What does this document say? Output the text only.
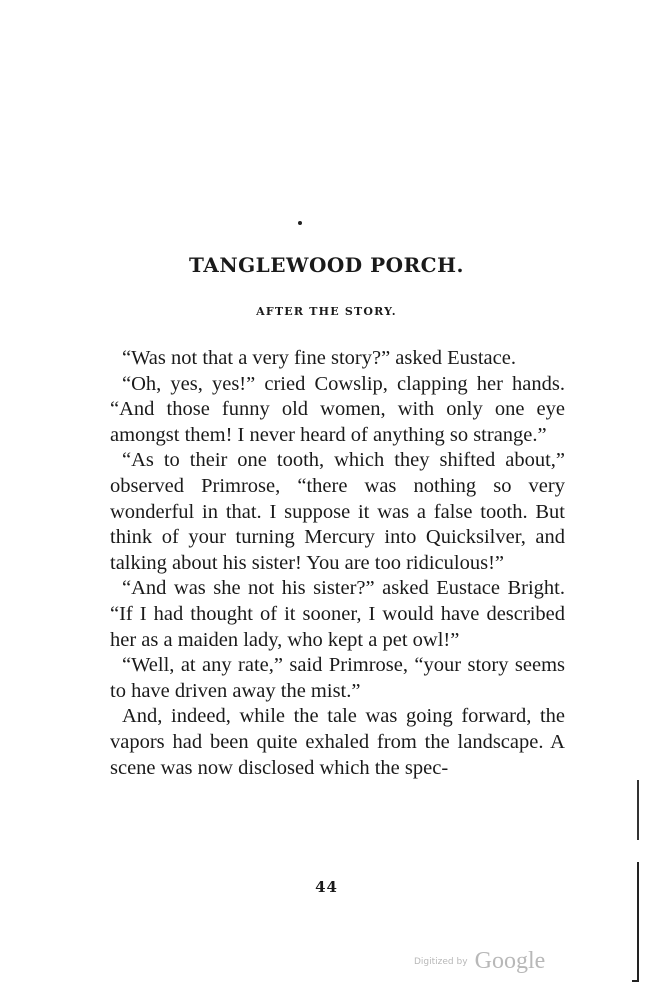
TANGLEWOOD PORCH.
AFTER THE STORY.

“Was not that a very fine story?” asked Eustace.

“Oh, yes, yes!” cried Cowslip, clapping her hands. “And those funny old women, with only one eye amongst them! I never heard of anything so strange.”

“As to their one tooth, which they shifted about,” observed Primrose, “there was nothing so very wonderful in that. I suppose it was a false tooth. But think of your turning Mercury into Quicksilver, and talking about his sister! You are too ridiculous!”

“And was she not his sister?” asked Eustace Bright. “If I had thought of it sooner, I would have described her as a maiden lady, who kept a pet owl!”

“Well, at any rate,” said Primrose, “your story seems to have driven away the mist.”

And, indeed, while the tale was going forward, the vapors had been quite exhaled from the landscape. A scene was now disclosed which the spec-

44
$^{Digitized by}$ Google
